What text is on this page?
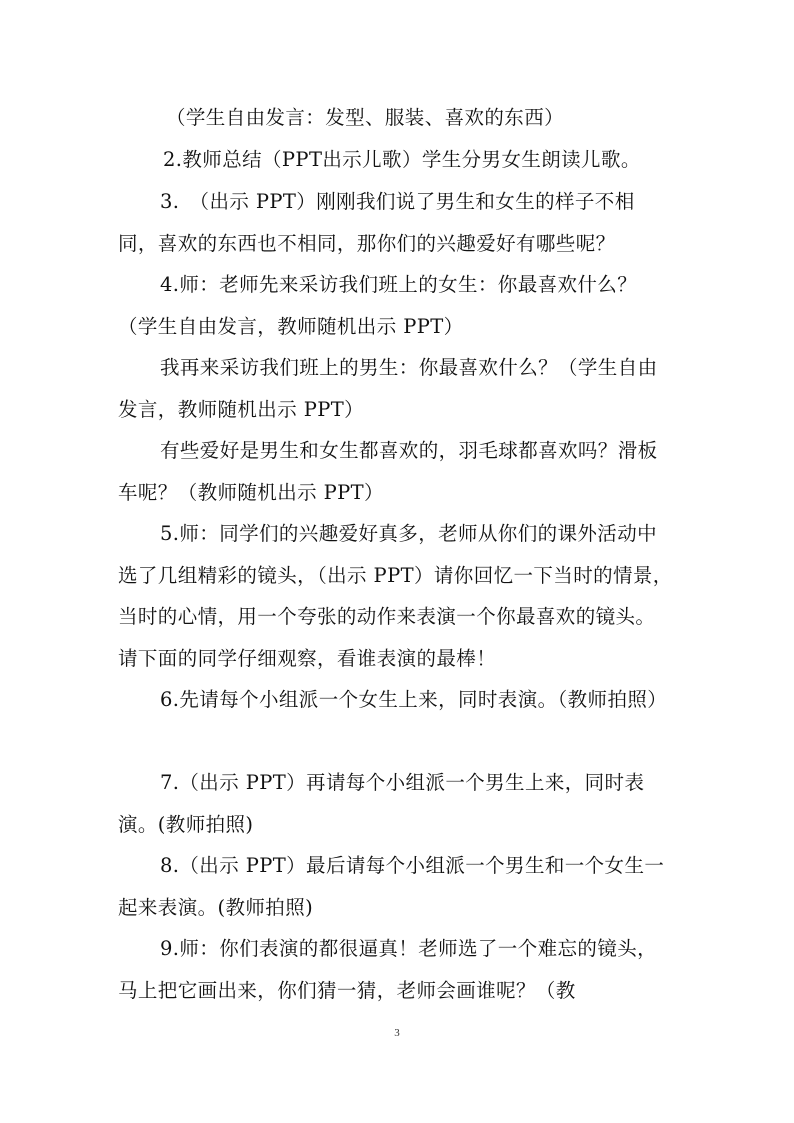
（学生自由发言：发型、服装、喜欢的东西）

2.教师总结（PPT出示儿歌）学生分男女生朗读儿歌。

3.　（出示 PPT）刚刚我们说了男生和女生的样子不相同，喜欢的东西也不相同，那你们的兴趣爱好有哪些呢？

4.师：老师先来采访我们班上的女生：你最喜欢什么？（学生自由发言，教师随机出示 PPT）

我再来采访我们班上的男生：你最喜欢什么？（学生自由发言，教师随机出示 PPT）

有些爱好是男生和女生都喜欢的，羽毛球都喜欢吗？滑板车呢？（教师随机出示 PPT）

5.师：同学们的兴趣爱好真多，老师从你们的课外活动中选了几组精彩的镜头，（出示 PPT）请你回忆一下当时的情景，当时的心情，用一个夸张的动作来表演一个你最喜欢的镜头。请下面的同学仔细观察，看谁表演的最棒！

6.先请每个小组派一个女生上来，同时表演。（教师拍照）

7.（出示 PPT）再请每个小组派一个男生上来，同时表演。(教师拍照)

8.（出示 PPT）最后请每个小组派一个男生和一个女生一起来表演。(教师拍照)

9.师：你们表演的都很逼真！老师选了一个难忘的镜头，马上把它画出来，你们猜一猜，老师会画谁呢？（教

3
